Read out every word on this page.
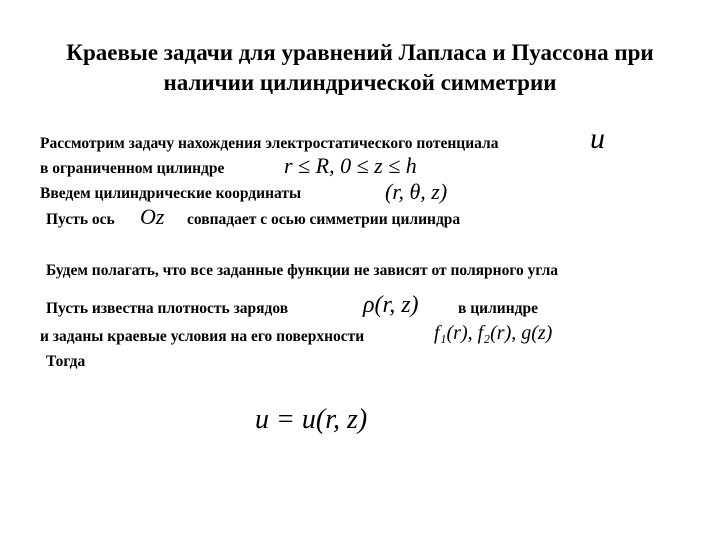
Краевые задачи для уравнений Лапласа и Пуассона при
наличии цилиндрической симметрии
Рассмотрим задачу нахождения электростатического потенциала	u
в ограниченном цилиндре	r ≤ R, 0 ≤ z ≤ h
Введем цилиндрические координаты	(r, θ, z)
Пусть ось Oz совпадает с осью симметрии цилиндра
Будем полагать, что все заданные функции не зависят от полярного угла
Пусть известна плотность зарядов	ρ(r, z)	в цилиндре
и заданы краевые условия на его поверхности	f₁(r), f₂(r), g(z)
Тогда
u = u(r, z)
